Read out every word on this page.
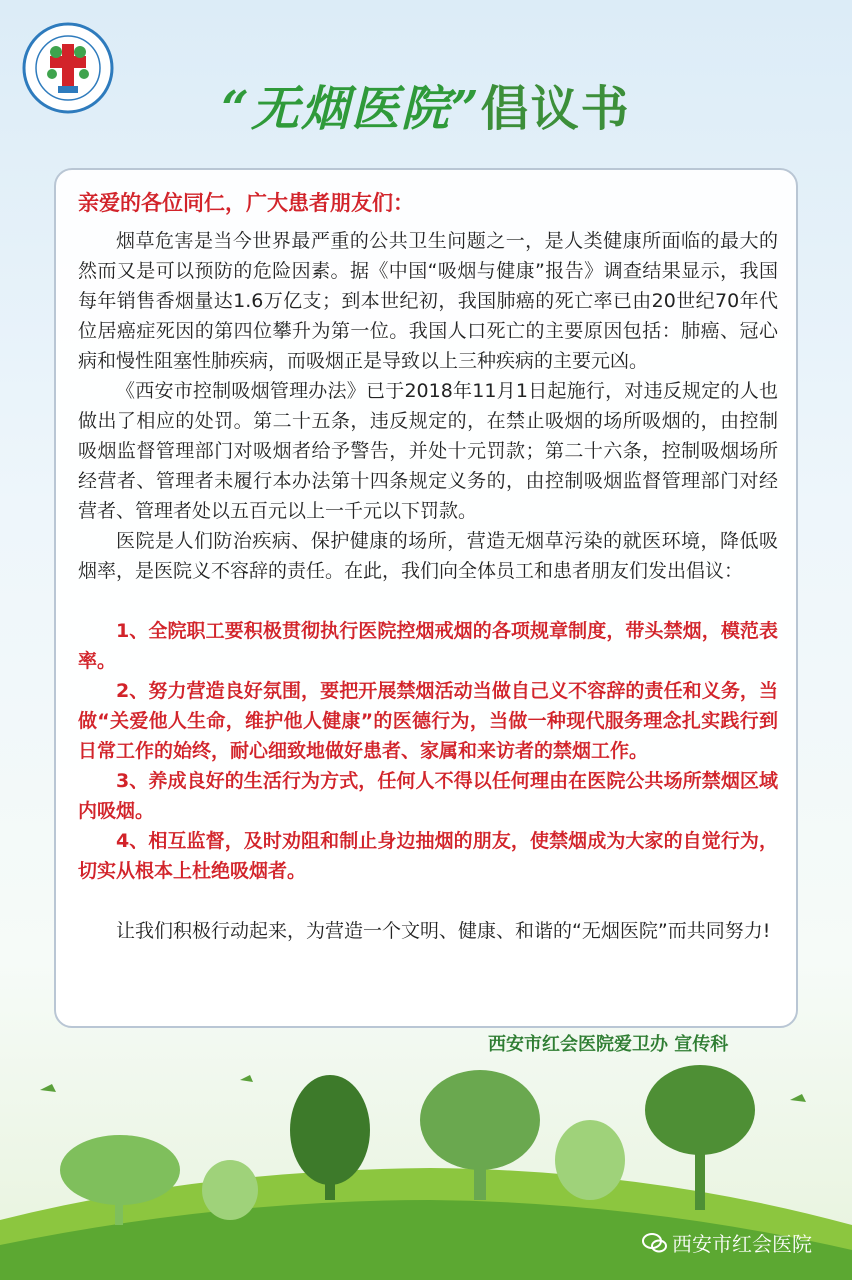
“无烟医院”倡议书

亲爱的各位同仁，广大患者朋友们：

烟草危害是当今世界最严重的公共卫生问题之一，是人类健康所面临的最大的然而又是可以预防的危险因素。据《中国“吸烟与健康”报告》调查结果显示，我国每年销售香烟量达1.6万亿支；到本世纪初，我国肺癌的死亡率已由20世纪70年代位居癌症死因的第四位攀升为第一位。我国人口死亡的主要原因包括：肺癌、冠心病和慢性阻塞性肺疾病，而吸烟正是导致以上三种疾病的主要元凶。

《西安市控制吸烟管理办法》已于2018年11月1日起施行，对违反规定的人也做出了相应的处罚。第二十五条，违反规定的，在禁止吸烟的场所吸烟的，由控制吸烟监督管理部门对吸烟者给予警告，并处十元罚款；第二十六条，控制吸烟场所经营者、管理者未履行本办法第十四条规定义务的，由控制吸烟监督管理部门对经营者、管理者处以五百元以上一千元以下罚款。

医院是人们防治疾病、保护健康的场所，营造无烟草污染的就医环境，降低吸烟率，是医院义不容辞的责任。在此，我们向全体员工和患者朋友们发出倡议：

1、全院职工要积极贯彻执行医院控烟戒烟的各项规章制度，带头禁烟，模范表率。

2、努力营造良好氛围，要把开展禁烟活动当做自己义不容辞的责任和义务，当做“关爱他人生命，维护他人健康”的医德行为，当做一种现代服务理念扎实践行到日常工作的始终，耐心细致地做好患者、家属和来访者的禁烟工作。

3、养成良好的生活行为方式，任何人不得以任何理由在医院公共场所禁烟区域内吸烟。

4、相互监督，及时劝阻和制止身边抽烟的朋友，使禁烟成为大家的自觉行为，切实从根本上杜绝吸烟者。

让我们积极行动起来，为营造一个文明、健康、和谐的“无烟医院”而共同努力!

西安市红会医院爱卫办 宣传科
西安市红会医院
